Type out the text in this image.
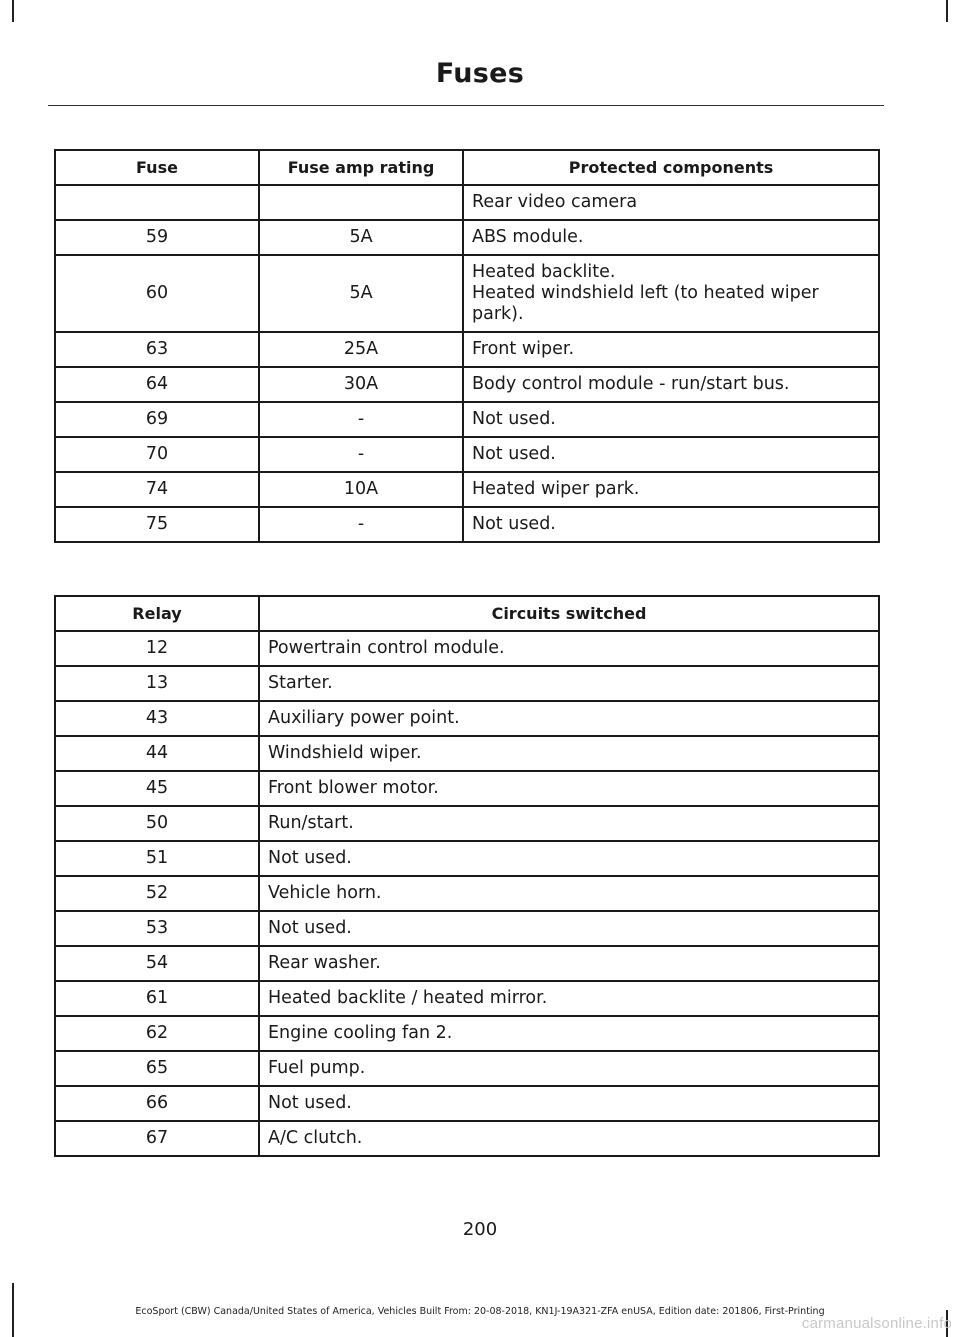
Fuses
Fuse	Fuse amp rating	Protected components
		Rear video camera
59	5A	ABS module.
60	5A	Heated backlite.
Heated windshield left (to heated wiper park).

63	25A	Front wiper.
64	30A	Body control module - run/start bus.
69	-	Not used.
70	-	Not used.
74	10A	Heated wiper park.
75	-	Not used.
Relay	Circuits switched
12	Powertrain control module.
13	Starter.
43	Auxiliary power point.
44	Windshield wiper.
45	Front blower motor.
50	Run/start.
51	Not used.
52	Vehicle horn.
53	Not used.
54	Rear washer.
61	Heated backlite / heated mirror.
62	Engine cooling fan 2.
65	Fuel pump.
66	Not used.
67	A/C clutch.
200
EcoSport (CBW) Canada/United States of America, Vehicles Built From: 20-08-2018, KN1J-19A321-ZFA enUSA, Edition date: 201806, First-Printing
carmanualsonline.info
